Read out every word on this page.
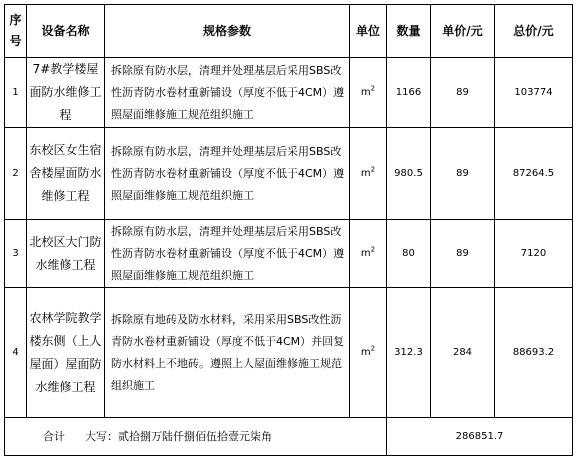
序号	设备名称	规格参数	单位	数量	单价/元	总价/元
1	7#教学楼屋面防水维修工程	拆除原有防水层，清理并处理基层后采用SBS改性沥青防水卷材重新铺设（厚度不低于4CM）遵照屋面维修施工规范组织施工	$m^2$	1166	89	103774
2	东校区女生宿舍楼屋面防水维修工程	拆除原有防水层，清理并处理基层后采用SBS改性沥青防水卷材重新铺设（厚度不低于4CM）遵照屋面维修施工规范组织施工	$m^2$	980.5	89	87264.5
3	北校区大门防水维修工程	拆除原有防水层，清理并处理基层后采用SBS改性沥青防水卷材重新铺设（厚度不低于4CM）遵照屋面维修施工规范组织施工	$m^2$	80	89	7120
4	农林学院教学楼东侧（上人屋面）屋面防水维修工程	拆除原有地砖及防水材料，采用采用SBS改性沥青防水卷材重新铺设（厚度不低于4CM）并回复防水材料上不地砖。遵照上人屋面维修施工规范组织施工	$m^2$	312.3	284	88693.2
合计 大写：贰拾捌万陆仟捌佰伍拾壹元柒角				286851.7		
